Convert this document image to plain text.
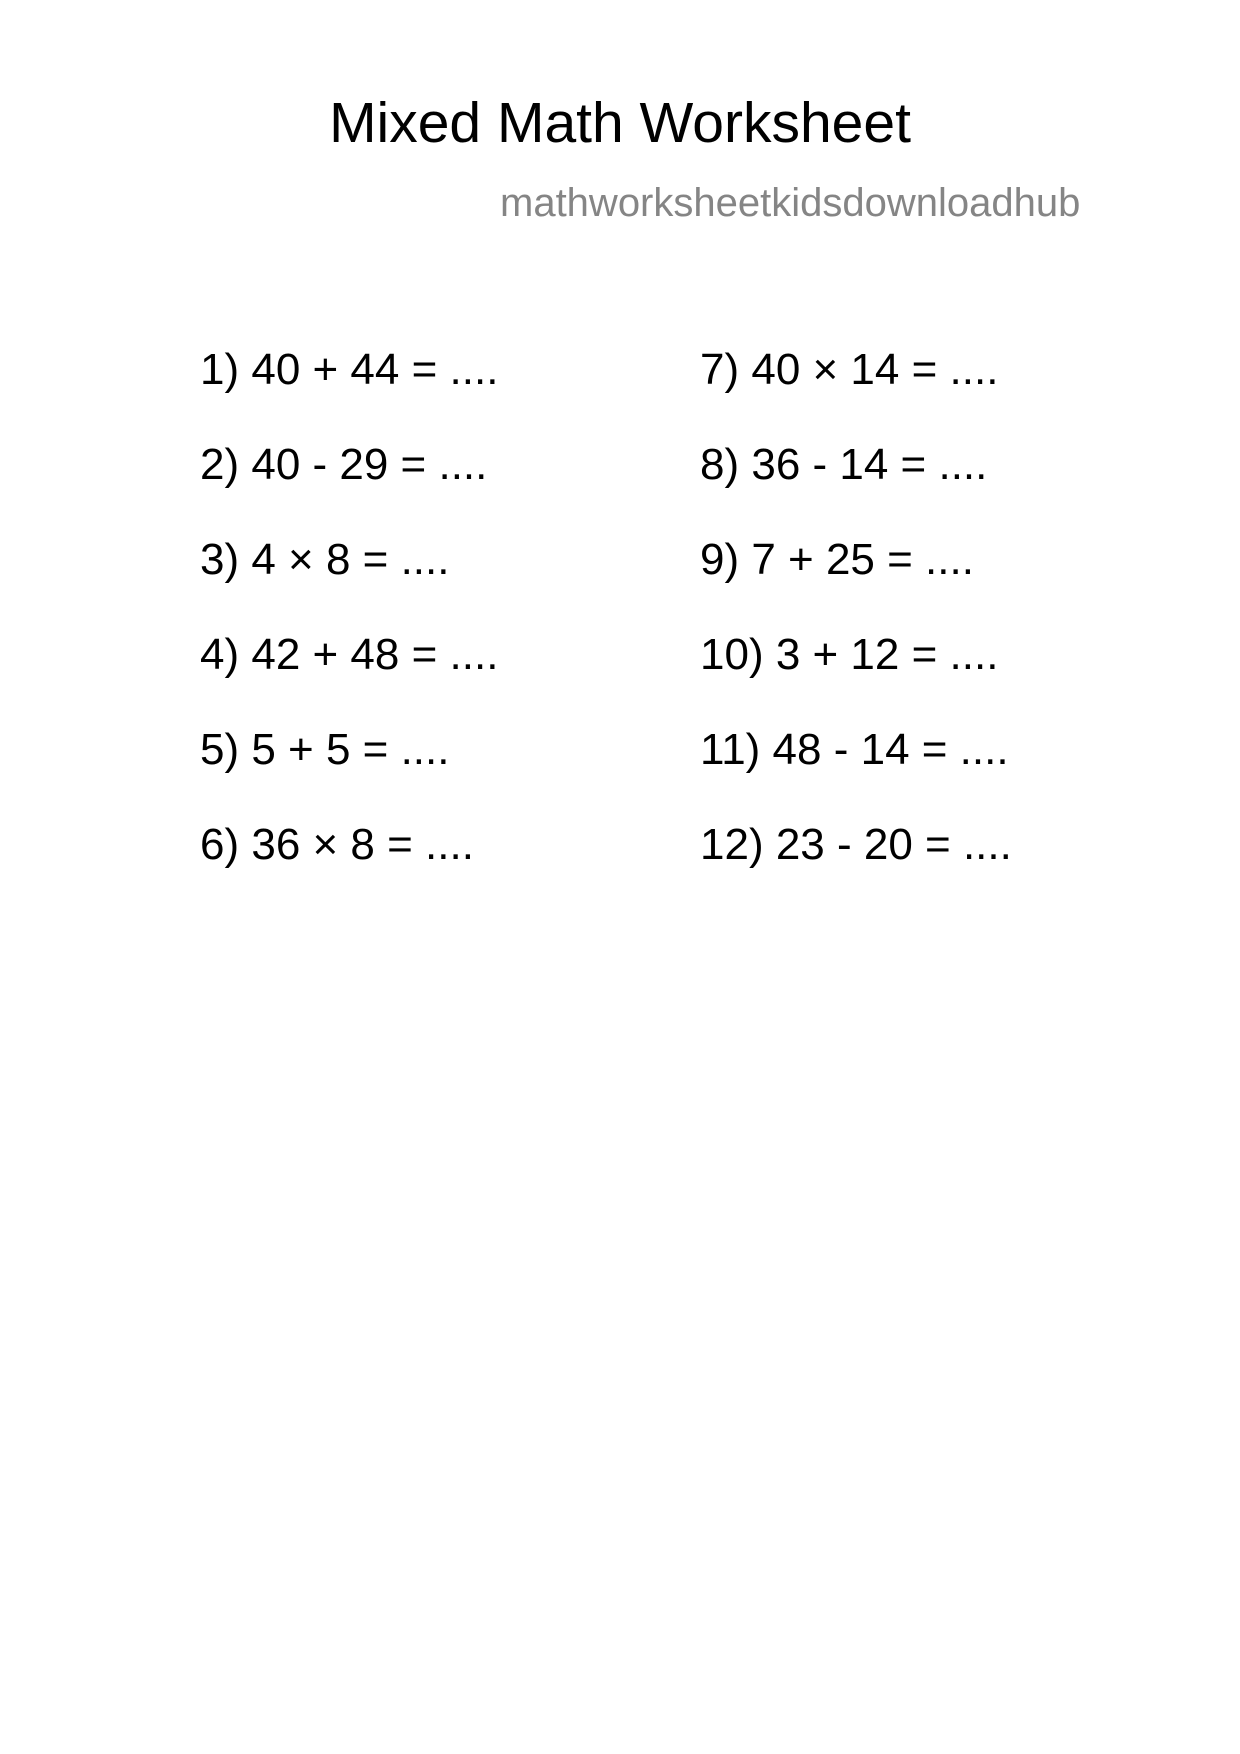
Mixed Math Worksheet
mathworksheetkidsdownloadhub
1) 40 + 44 = ....
2) 40 - 29 = ....
3) 4 × 8 = ....
4) 42 + 48 = ....
5) 5 + 5 = ....
6) 36 × 8 = ....
7) 40 × 14 = ....
8) 36 - 14 = ....
9) 7 + 25 = ....
10) 3 + 12 = ....
11) 48 - 14 = ....
12) 23 - 20 = ....
